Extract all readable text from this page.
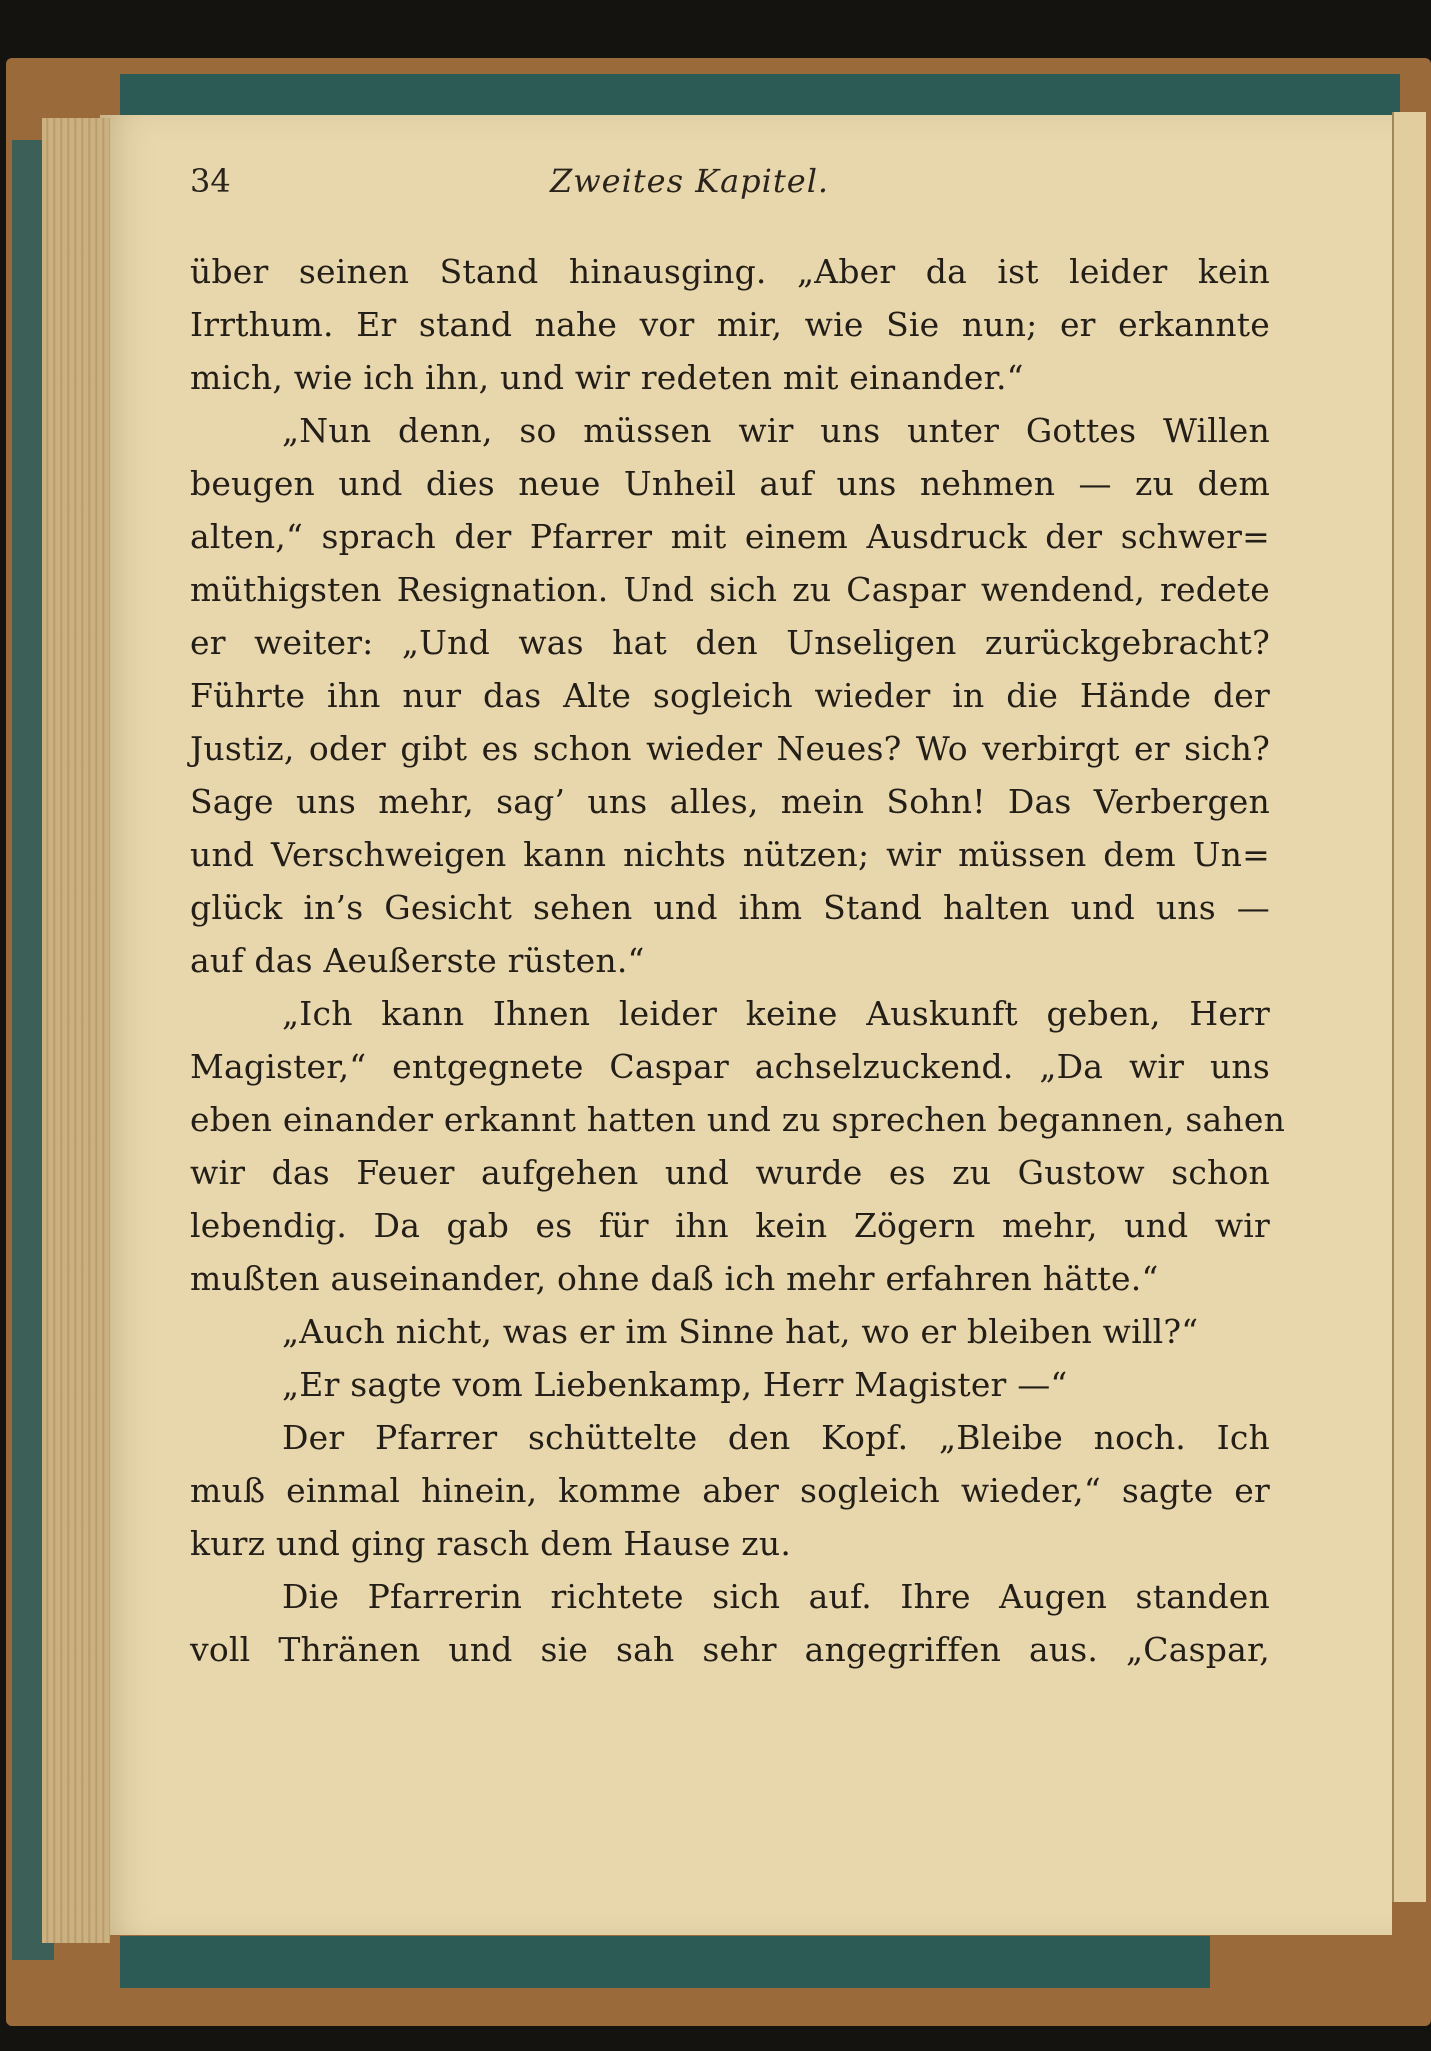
34	Zweites Kapitel.
über seinen Stand hinausging. „Aber da ist leider kein
Irrthum. Er stand nahe vor mir, wie Sie nun; er erkannte
mich, wie ich ihn, und wir redeten mit einander.“
„Nun denn, so müssen wir uns unter Gottes Willen
beugen und dies neue Unheil auf uns nehmen — zu dem
alten,“ sprach der Pfarrer mit einem Ausdruck der schwer=
müthigsten Resignation. Und sich zu Caspar wendend, redete
er weiter: „Und was hat den Unseligen zurückgebracht?
Führte ihn nur das Alte sogleich wieder in die Hände der
Justiz, oder gibt es schon wieder Neues? Wo verbirgt er sich?
Sage uns mehr, sag’ uns alles, mein Sohn! Das Verbergen
und Verschweigen kann nichts nützen; wir müssen dem Un=
glück in’s Gesicht sehen und ihm Stand halten und uns —
auf das Aeußerste rüsten.“
„Ich kann Ihnen leider keine Auskunft geben, Herr
Magister,“ entgegnete Caspar achselzuckend. „Da wir uns
eben einander erkannt hatten und zu sprechen begannen, sahen
wir das Feuer aufgehen und wurde es zu Gustow schon
lebendig. Da gab es für ihn kein Zögern mehr, und wir
mußten auseinander, ohne daß ich mehr erfahren hätte.“
„Auch nicht, was er im Sinne hat, wo er bleiben will?“
„Er sagte vom Liebenkamp, Herr Magister —“
Der Pfarrer schüttelte den Kopf. „Bleibe noch. Ich
muß einmal hinein, komme aber sogleich wieder,“ sagte er
kurz und ging rasch dem Hause zu.
Die Pfarrerin richtete sich auf. Ihre Augen standen
voll Thränen und sie sah sehr angegriffen aus. „Caspar,
